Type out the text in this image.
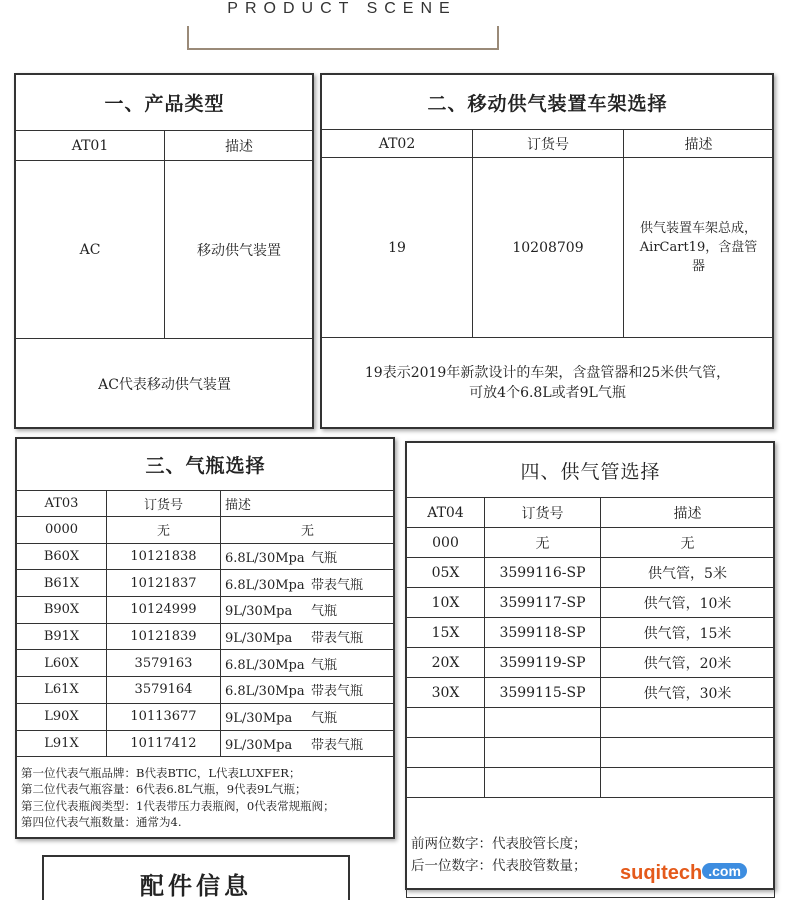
PRODUCT SCENE
一、产品类型	
AT01	描述
AC	移动供气装置
AC代表移动供气装置	
二、移动供气装置车架选择		
AT02	订货号	描述
19	10208709	供气装置车架总成，
AirCart19，含盘管
器

19表示2019年新款设计的车架，含盘管器和25米供气管，
可放4个6.8L或者9L气瓶		
三、气瓶选择		
AT03	订货号	描述
0000	无	无
B60X	10121838	6.8L/30Mpa 气瓶
B61X	10121837	6.8L/30Mpa 带表气瓶
B90X	10124999	9L/30Mpa 气瓶
B91X	10121839	9L/30Mpa 带表气瓶
L60X	3579163	6.8L/30Mpa 气瓶
L61X	3579164	6.8L/30Mpa 带表气瓶
L90X	10113677	9L/30Mpa 气瓶
L91X	10117412	9L/30Mpa 带表气瓶

第一位代表气瓶品牌：B代表BTIC，L代表LUXFER；
第二位代表气瓶容量：6代表6.8L气瓶，9代表9L气瓶；
第三位代表瓶阀类型：1代表带压力表瓶阀，0代表常规瓶阀；
第四位代表气瓶数量：通常为4.		
四、供气管选择		
AT04	订货号	描述
000	无	无
05X	3599116-SP	供气管，5米
10X	3599117-SP	供气管，10米
15X	3599118-SP	供气管，15米
20X	3599119-SP	供气管，20米
30X	3599115-SP	供气管，30米

前两位数字：代表胶管长度；
后一位数字：代表胶管数量；		
配件信息	suqitech .com
